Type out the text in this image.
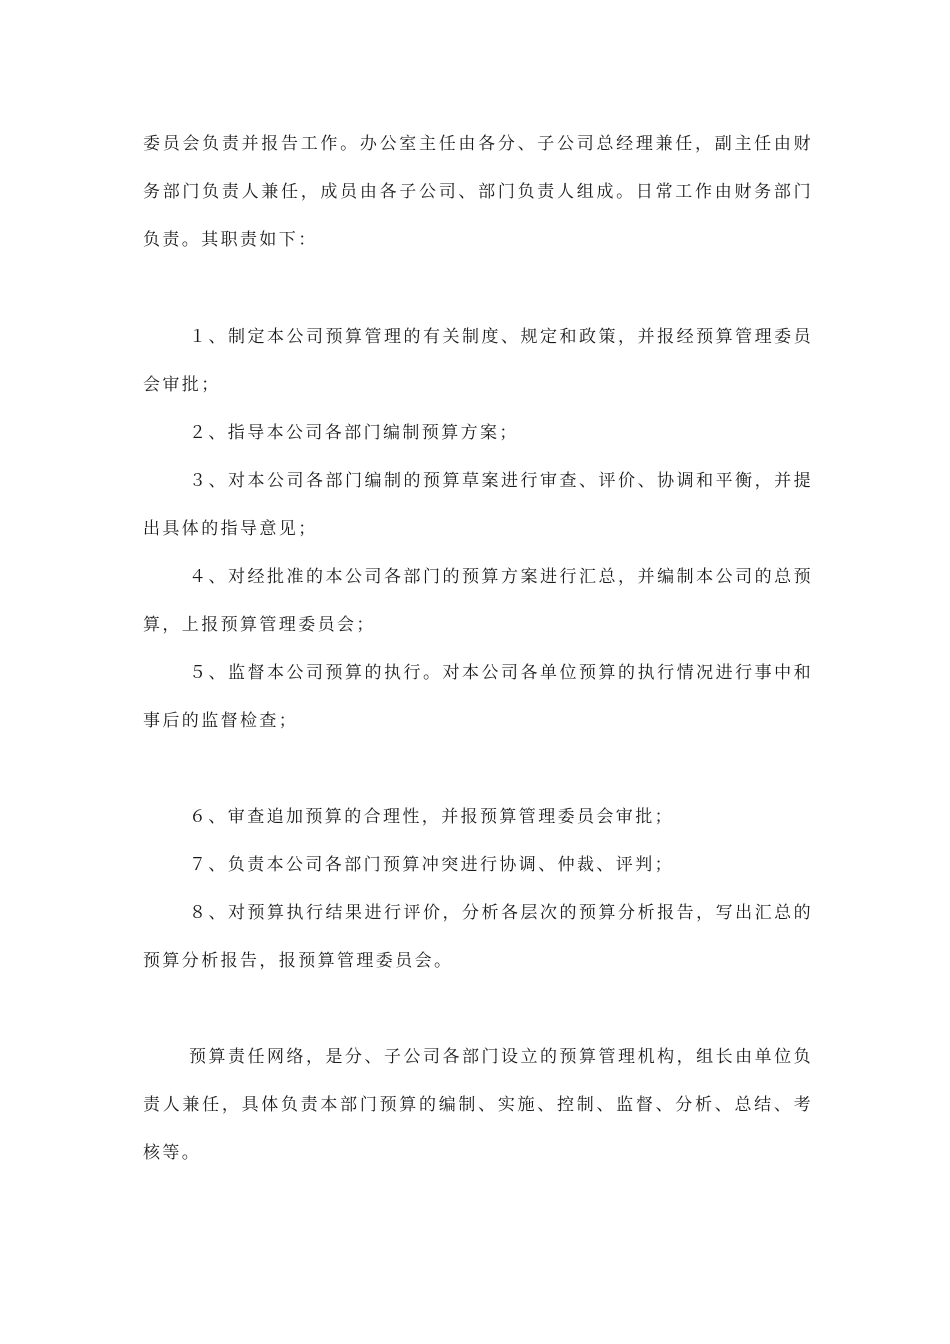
委员会负责并报告工作。办公室主任由各分、子公司总经理兼任，副主任由财务部门负责人兼任，成员由各子公司、部门负责人组成。日常工作由财务部门负责。其职责如下：

１、制定本公司预算管理的有关制度、规定和政策，并报经预算管理委员会审批；

２、指导本公司各部门编制预算方案；

３、对本公司各部门编制的预算草案进行审查、评价、协调和平衡，并提出具体的指导意见；

４、对经批准的本公司各部门的预算方案进行汇总，并编制本公司的总预算，上报预算管理委员会；

５、监督本公司预算的执行。对本公司各单位预算的执行情况进行事中和事后的监督检查；

６、审查追加预算的合理性，并报预算管理委员会审批；

７、负责本公司各部门预算冲突进行协调、仲裁、评判；

８、对预算执行结果进行评价，分析各层次的预算分析报告，写出汇总的预算分析报告，报预算管理委员会。

预算责任网络，是分、子公司各部门设立的预算管理机构，组长由单位负责人兼任，具体负责本部门预算的编制、实施、控制、监督、分析、总结、考核等。
